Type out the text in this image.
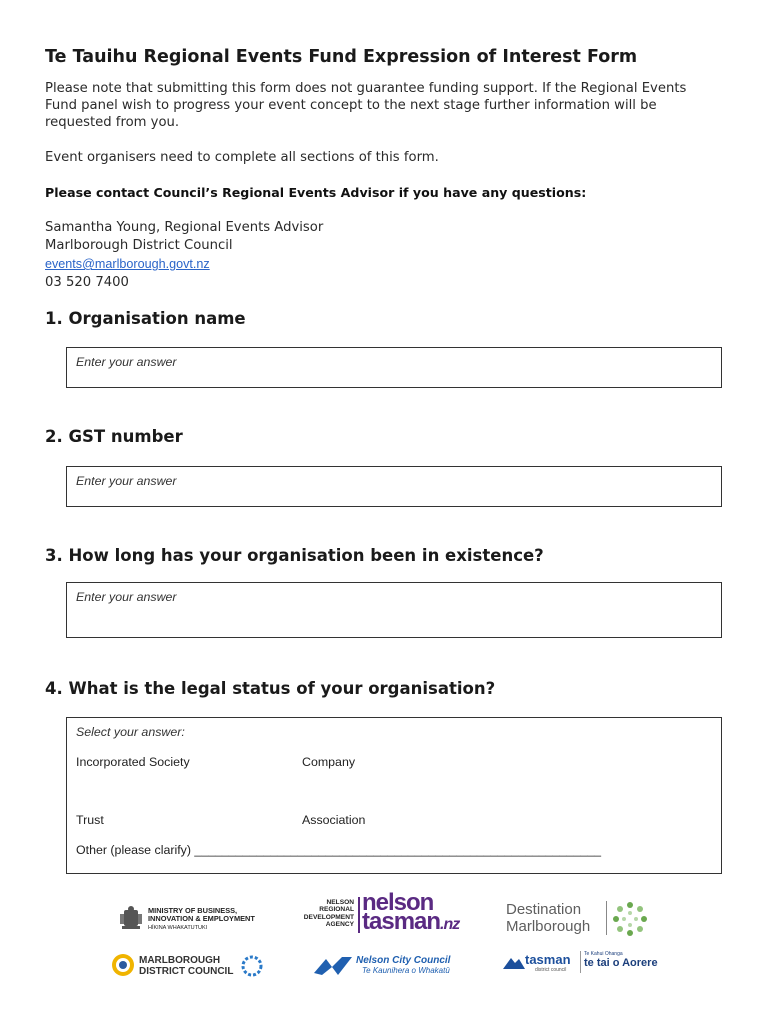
Te Tauihu Regional Events Fund Expression of Interest Form
Please note that submitting this form does not guarantee funding support. If the Regional Events
Fund panel wish to progress your event concept to the next stage further information will be
requested from you.
Event organisers need to complete all sections of this form.
Please contact Council’s Regional Events Advisor if you have any questions:
Samantha Young, Regional Events Advisor
Marlborough District Council
events@marlborough.govt.nz
03 520 7400
1. Organisation name
Enter your answer
2. GST number
Enter your answer
3. How long has your organisation been in existence?
Enter your answer
4. What is the legal status of your organisation?
Select your answer:
Incorporated Society	Company
Trust	Association
Other (please clarify) ___________________________________________________________
MINISTRY OF BUSINESS,
INNOVATION & EMPLOYMENT
HĪKINA WHAKATUTUKI
NELSON
REGIONAL
DEVELOPMENT
AGENCY
nelson
tasman.nz
Destination
Marlborough
MARLBOROUGH
DISTRICT COUNCIL
Nelson City Council
Te Kaunihera o Whakatū
tasman
district council
Te Kahui Ohanga
te tai o Aorere
